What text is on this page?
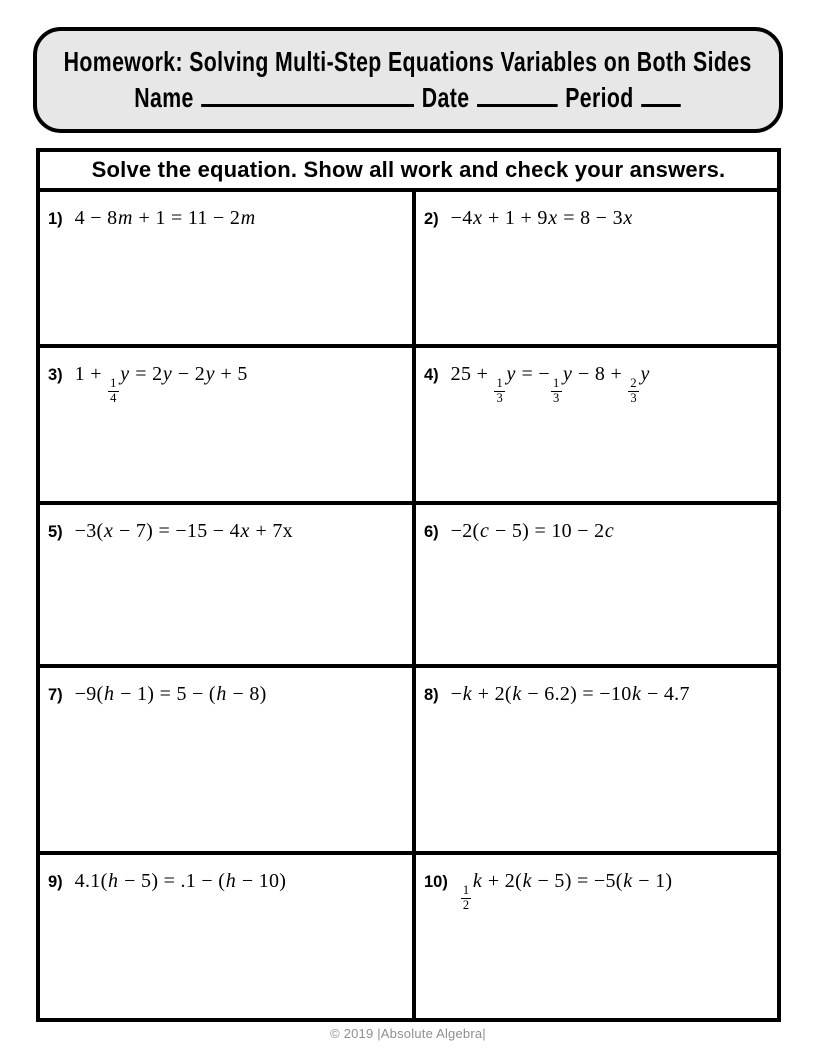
Homework: Solving Multi-Step Equations Variables on Both Sides
Name	Date	Period
Solve the equation. Show all work and check your answers.
1) 4 − 8m + 1 = 11 − 2m	2) −4x + 1 + 9x = 8 − 3x
3) 1 +
$\frac{1}{4}$
y = 2y − 2y + 5	4) 25 +
$\frac{1}{3}$
y = −
$\frac{1}{3}$
y − 8 +
$\frac{2}{3}$
y
5) −3(x − 7) = −15 − 4x + 7x	6) −2(c − 5) = 10 − 2c
7) −9(h − 1) = 5 − (h − 8)	8) −k + 2(k − 6.2) = −10k − 4.7
9) 4.1(h − 5) = .1 − (h − 10)	10)
$\frac{1}{2}$
k + 2(k − 5) = −5(k − 1)
© 2019 |Absolute Algebra|
